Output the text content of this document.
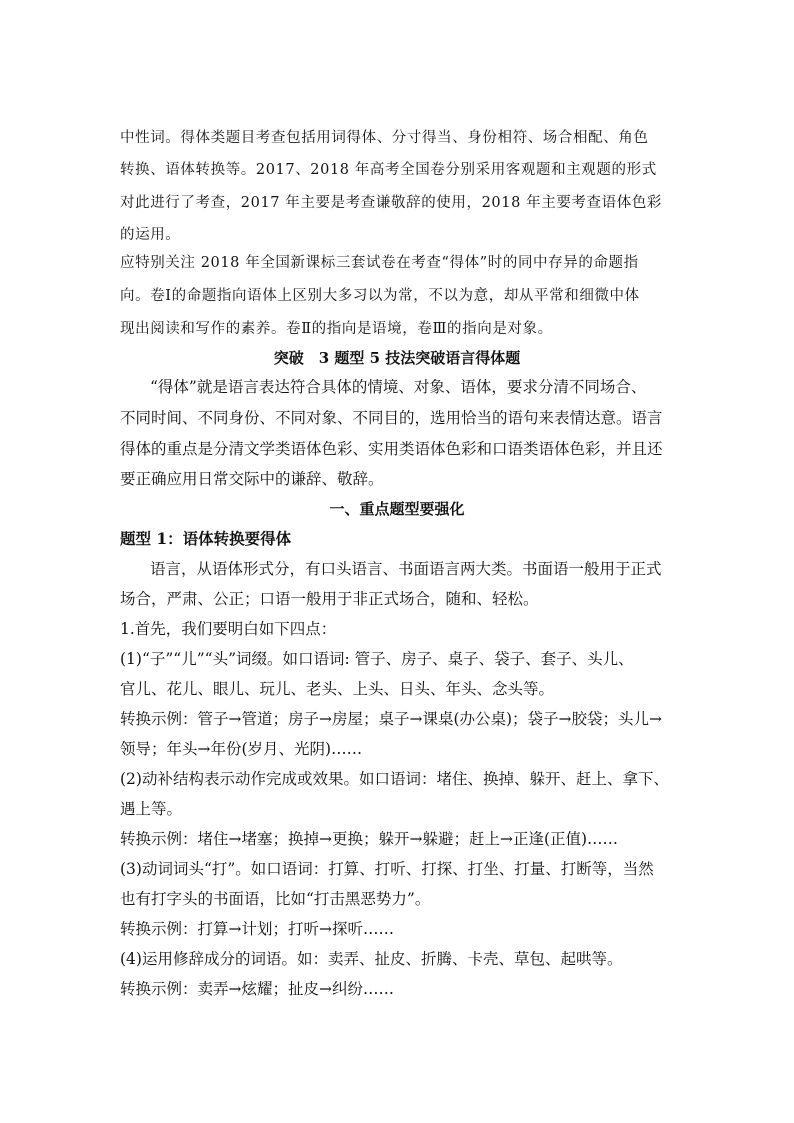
中性词。得体类题目考查包括用词得体、分寸得当、身份相符、场合相配、角色
转换、语体转换等。2017、2018 年高考全国卷分别采用客观题和主观题的形式
对此进行了考查，2017 年主要是考查谦敬辞的使用，2018 年主要考查语体色彩
的运用。
应特别关注 2018 年全国新课标三套试卷在考查“得体”时的同中存异的命题指
向。卷Ⅰ的命题指向语体上区别大多习以为常，不以为意，却从平常和细微中体
现出阅读和写作的素养。卷Ⅱ的指向是语境，卷Ⅲ的指向是对象。
突破　3 题型 5 技法突破语言得体题
“得体”就是语言表达符合具体的情境、对象、语体，要求分清不同场合、
不同时间、不同身份、不同对象、不同目的，选用恰当的语句来表情达意。语言
得体的重点是分清文学类语体色彩、实用类语体色彩和口语类语体色彩，并且还
要正确应用日常交际中的谦辞、敬辞。
一、重点题型要强化
题型 1：语体转换要得体
语言，从语体形式分，有口头语言、书面语言两大类。书面语一般用于正式
场合，严肃、公正；口语一般用于非正式场合，随和、轻松。
1.首先，我们要明白如下四点：
(1)“子”“儿”“头”词缀。如口语词: 管子、房子、桌子、袋子、套子、头儿、
官儿、花儿、眼儿、玩儿、老头、上头、日头、年头、念头等。
转换示例：管子→管道；房子→房屋；桌子→课桌(办公桌)；袋子→胶袋；头儿→
领导；年头→年份(岁月、光阴)……
(2)动补结构表示动作完成或效果。如口语词：堵住、换掉、躲开、赶上、拿下、
遇上等。
转换示例：堵住→堵塞；换掉→更换；躲开→躲避；赶上→正逢(正值)……
(3)动词词头“打”。如口语词：打算、打听、打探、打坐、打量、打断等，当然
也有打字头的书面语，比如“打击黑恶势力”。
转换示例：打算→计划；打听→探听……
(4)运用修辞成分的词语。如：卖弄、扯皮、折腾、卡壳、草包、起哄等。
转换示例：卖弄→炫耀；扯皮→纠纷……
